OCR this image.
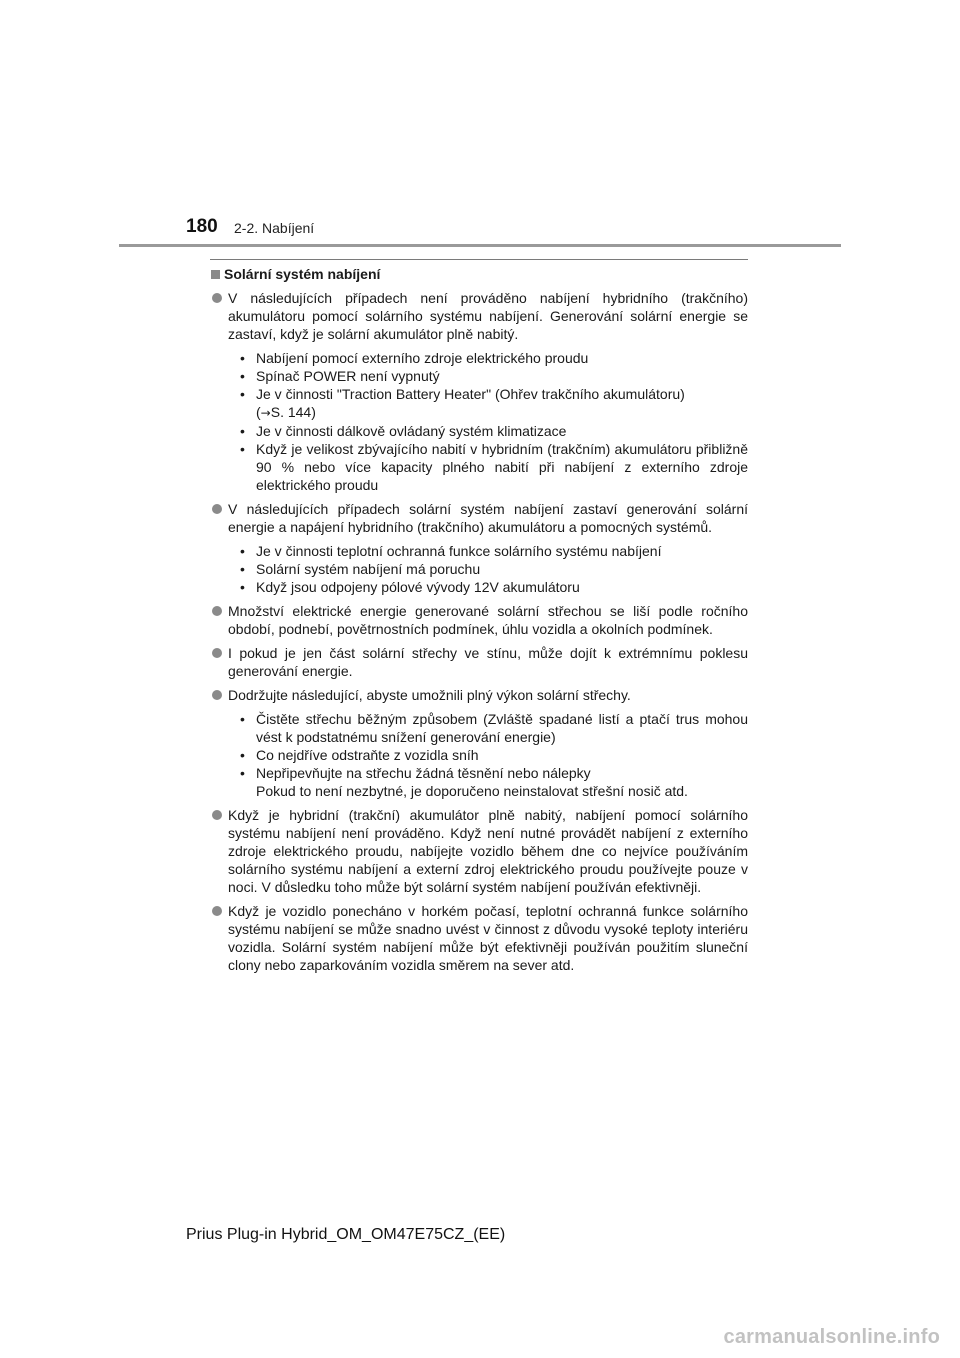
180 2-2. Nabíjení
Solární systém nabíjení
V následujících případech není prováděno nabíjení hybridního (trakčního) akumulátoru pomocí solárního systému nabíjení. Generování solární energie se zastaví, když je solární akumulátor plně nabitý.
• Nabíjení pomocí externího zdroje elektrického proudu
• Spínač POWER není vypnutý
• Je v činnosti "Traction Battery Heater" (Ohřev trakčního akumulátoru)
(→S. 144)
• Je v činnosti dálkově ovládaný systém klimatizace
• Když je velikost zbývajícího nabití v hybridním (trakčním) akumulátoru přibližně 90 % nebo více kapacity plného nabití při nabíjení z externího zdroje elektrického proudu
V následujících případech solární systém nabíjení zastaví generování solární energie a napájení hybridního (trakčního) akumulátoru a pomocných systémů.
• Je v činnosti teplotní ochranná funkce solárního systému nabíjení
• Solární systém nabíjení má poruchu
• Když jsou odpojeny pólové vývody 12V akumulátoru
Množství elektrické energie generované solární střechou se liší podle ročního období, podnebí, povětrnostních podmínek, úhlu vozidla a okolních podmínek.
I pokud je jen část solární střechy ve stínu, může dojít k extrémnímu poklesu generování energie.
Dodržujte následující, abyste umožnili plný výkon solární střechy.
• Čistěte střechu běžným způsobem (Zvláště spadané listí a ptačí trus mohou vést k podstatnému snížení generování energie)
• Co nejdříve odstraňte z vozidla sníh
• Nepřipevňujte na střechu žádná těsnění nebo nálepky
Pokud to není nezbytné, je doporučeno neinstalovat střešní nosič atd.
Když je hybridní (trakční) akumulátor plně nabitý, nabíjení pomocí solárního systému nabíjení není prováděno. Když není nutné provádět nabíjení z externího zdroje elektrického proudu, nabíjejte vozidlo během dne co nejvíce používáním solárního systému nabíjení a externí zdroj elektrického proudu používejte pouze v noci. V důsledku toho může být solární systém nabíjení používán efektivněji.
Když je vozidlo ponecháno v horkém počasí, teplotní ochranná funkce solárního systému nabíjení se může snadno uvést v činnost z důvodu vysoké teploty interiéru vozidla. Solární systém nabíjení může být efektivněji používán použitím sluneční clony nebo zaparkováním vozidla směrem na sever atd.
Prius Plug-in Hybrid_OM_OM47E75CZ_(EE)
carmanualsonline.info
